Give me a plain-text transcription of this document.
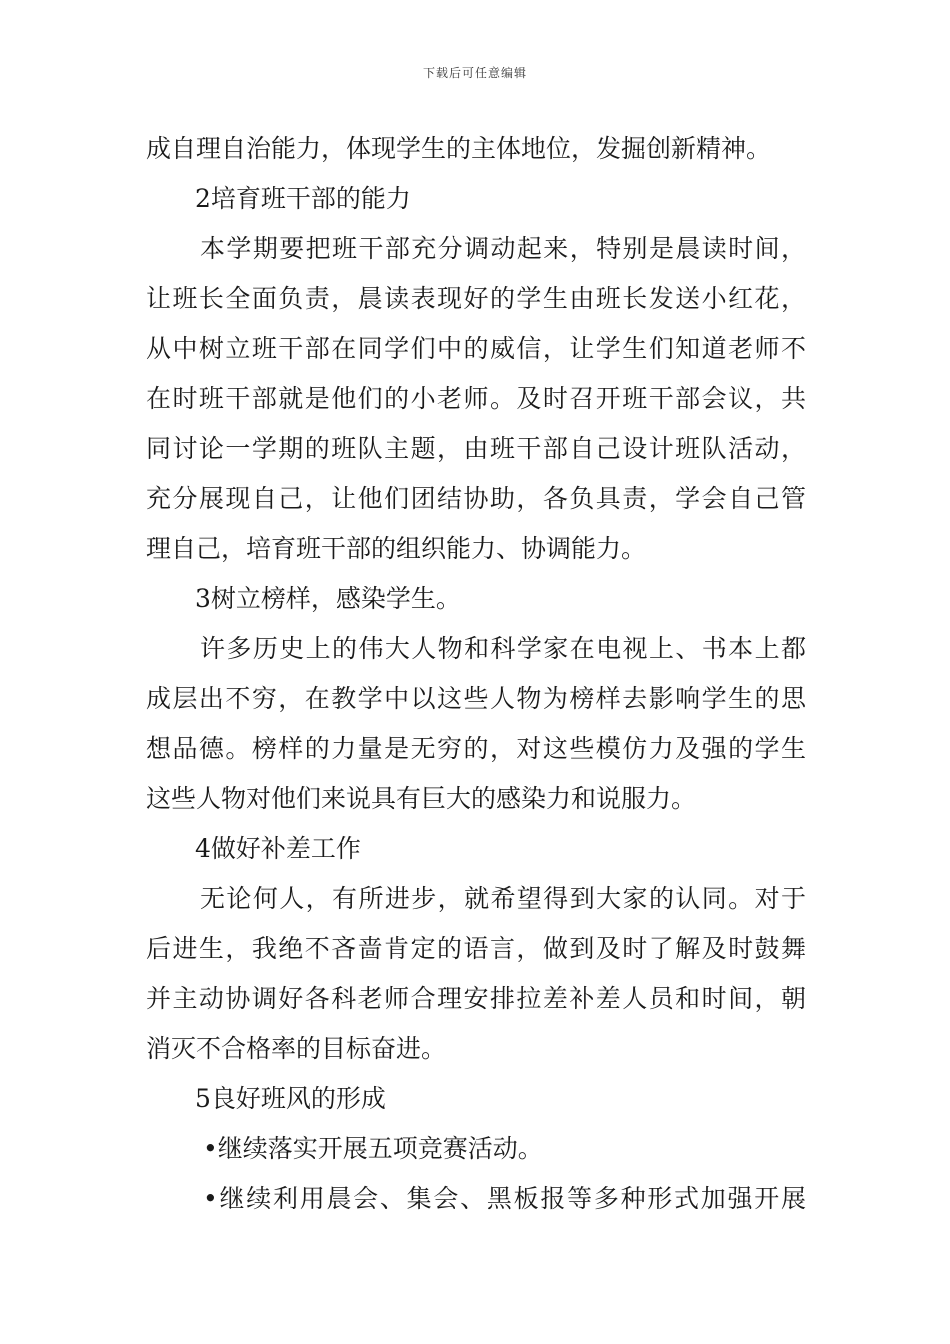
下载后可任意编辑
成自理自治能力，体现学生的主体地位，发掘创新精神。
2培育班干部的能力
本学期要把班干部充分调动起来，特别是晨读时间，
让班长全面负责，晨读表现好的学生由班长发送小红花，
从中树立班干部在同学们中的威信，让学生们知道老师不
在时班干部就是他们的小老师。及时召开班干部会议，共
同讨论一学期的班队主题，由班干部自己设计班队活动，
充分展现自己，让他们团结协助，各负具责，学会自己管
理自己，培育班干部的组织能力、协调能力。
3树立榜样，感染学生。
许多历史上的伟大人物和科学家在电视上、书本上都
成层出不穷，在教学中以这些人物为榜样去影响学生的思
想品德。榜样的力量是无穷的，对这些模仿力及强的学生
这些人物对他们来说具有巨大的感染力和说服力。
4做好补差工作
无论何人，有所进步，就希望得到大家的认同。对于
后进生，我绝不吝啬肯定的语言，做到及时了解及时鼓舞
并主动协调好各科老师合理安排拉差补差人员和时间，朝
消灭不合格率的目标奋进。
5良好班风的形成
•继续落实开展五项竞赛活动。
•继续利用晨会、集会、黑板报等多种形式加强开展
